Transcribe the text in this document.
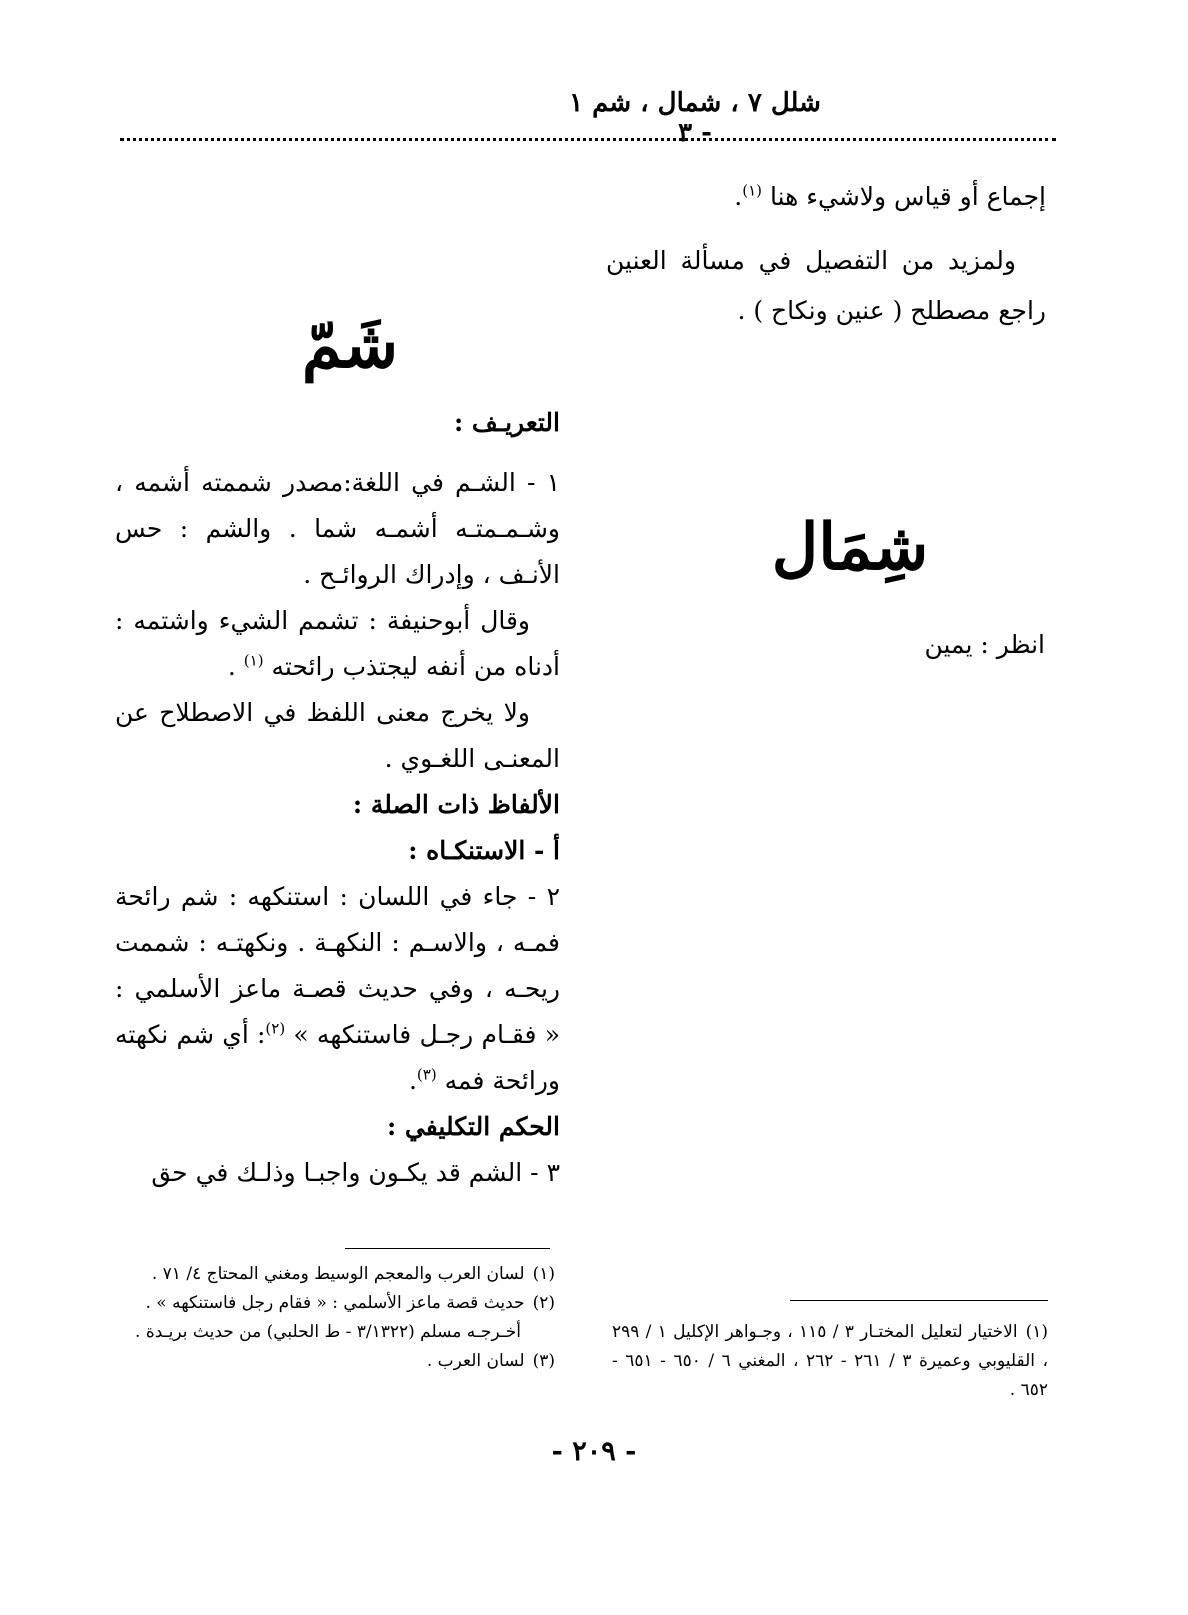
شلل ٧ ، شمال ، شم ١ - ٣

إجماع أو قياس ولاشيء هنا $^{(١)}$.

ولمزيد من التفصيل في مسألة العنين راجع مصطلح ( عنين ونكاح ) .

شَمّ
شِمَال
انظر : يمين

التعريـف :

١ - الشـم في اللغة:مصدر شممته أشمه ، وشـمـمتـه أشمـه شما . والشم : حس الأنـف ، وإدراك الروائـح .

وقال أبوحنيفة : تشمم الشيء واشتمه : أدناه من أنفه ليجتذب رائحته $^{(١)}$ .

ولا يخرج معنى اللفظ في الاصطلاح عن المعنـى اللغـوي .

الألفاظ ذات الصلة :

أ - الاستنكـاه :

٢ - جاء في اللسان : استنكهه : شم رائحة فمـه ، والاسـم : النكهـة . ونكهتـه : شممت ريحـه ، وفي حديث قصـة ماعز الأسلمي : « فقـام رجـل فاستنكهه » $^{(٢)}$: أي شم نكهته ورائحة فمه $^{(٣)}$.

الحكم التكليفي :

٣ - الشم قد يكـون واجبـا وذلـك في حق

(١)لسان العرب والمعجم الوسيط ومغني المحتاج ٤/ ٧١ .

(٢)حديث قصة ماعز الأسلمي : « فقام رجل فاستنكهه » .

أخـرجـه مسلم (٣/١٣٢٢ - ط الحلبي) من حديث بريـدة .

(٣)لسان العرب .

(١)الاختيار لتعليل المختـار ٣ / ١١٥ ، وجـواهر الإكليل ١ / ٢٩٩ ، القليوبي وعميرة ٣ / ٢٦١ - ٢٦٢ ، المغني ٦ / ٦٥٠ - ٦٥١ - ٦٥٢ .

- ٢٠٩ -
